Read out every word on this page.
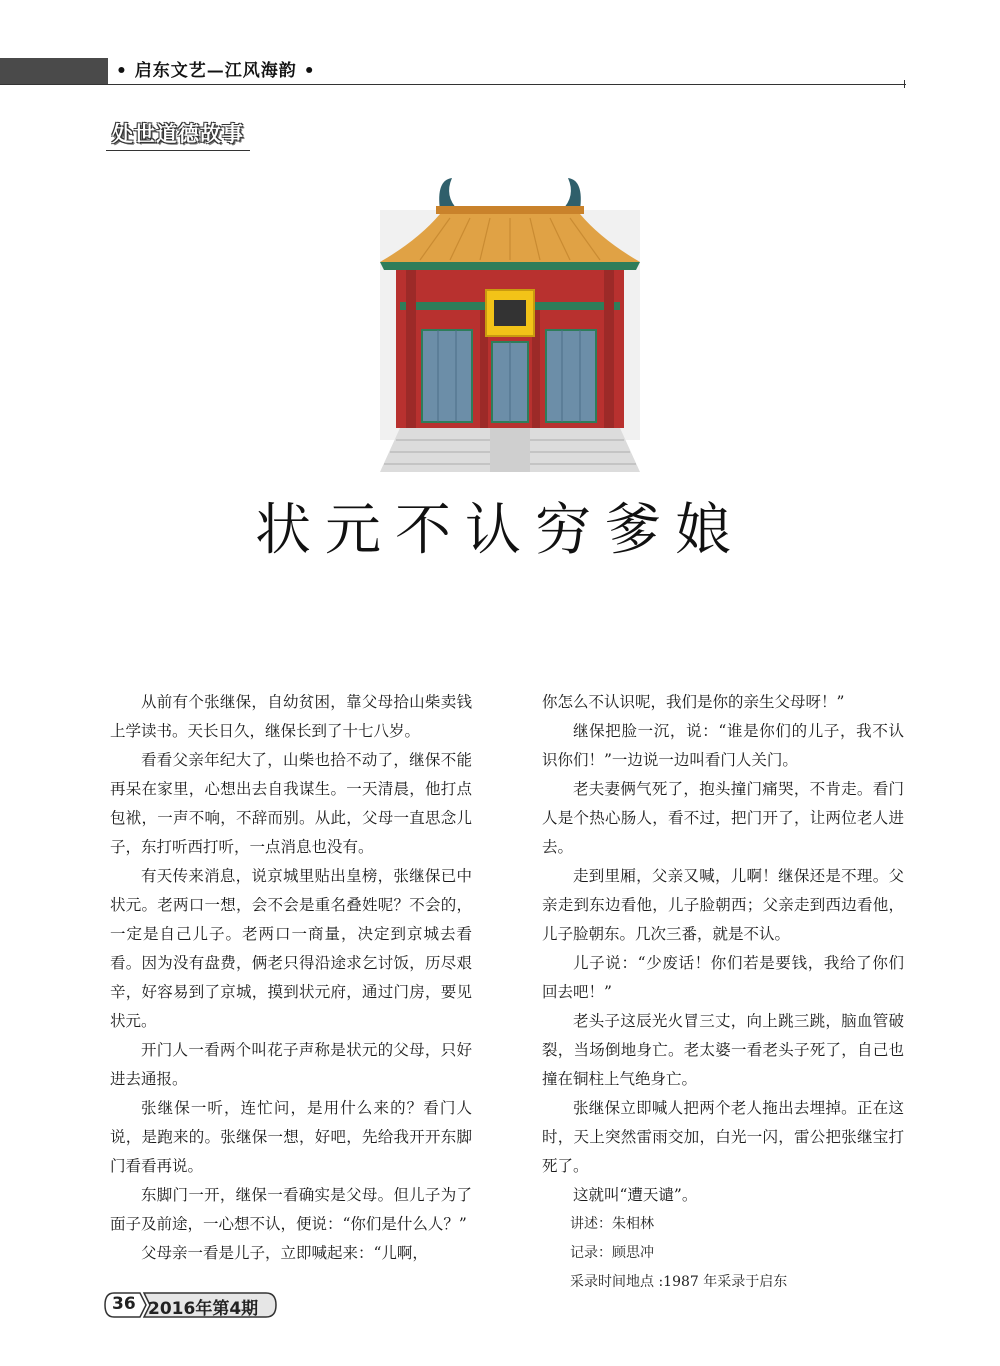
• 启东文艺—江风海韵 •
处世道德故事
状元不认穷爹娘

从前有个张继保，自幼贫困，靠父母拾山柴卖钱上学读书。天长日久，继保长到了十七八岁。

看看父亲年纪大了，山柴也拾不动了，继保不能再呆在家里，心想出去自我谋生。一天清晨，他打点包袱，一声不响，不辞而别。从此，父母一直思念儿子，东打听西打听，一点消息也没有。

有天传来消息，说京城里贴出皇榜，张继保已中状元。老两口一想，会不会是重名叠姓呢？不会的，一定是自己儿子。老两口一商量，决定到京城去看看。因为没有盘费，俩老只得沿途求乞讨饭，历尽艰辛，好容易到了京城，摸到状元府，通过门房，要见状元。

开门人一看两个叫花子声称是状元的父母，只好进去通报。

张继保一听，连忙问，是用什么来的？看门人说，是跑来的。张继保一想，好吧，先给我开开东脚门看看再说。

东脚门一开，继保一看确实是父母。但儿子为了面子及前途，一心想不认，便说：“你们是什么人？”

父母亲一看是儿子，立即喊起来：“儿啊，

你怎么不认识呢，我们是你的亲生父母呀！”

继保把脸一沉，说：“谁是你们的儿子，我不认识你们！”一边说一边叫看门人关门。

老夫妻俩气死了，抱头撞门痛哭，不肯走。看门人是个热心肠人，看不过，把门开了，让两位老人进去。

走到里厢，父亲又喊，儿啊！继保还是不理。父亲走到东边看他，儿子脸朝西；父亲走到西边看他，儿子脸朝东。几次三番，就是不认。

儿子说：“少废话！你们若是要钱，我给了你们回去吧！”

老头子这辰光火冒三丈，向上跳三跳，脑血管破裂，当场倒地身亡。老太婆一看老头子死了，自己也撞在铜柱上气绝身亡。

张继保立即喊人把两个老人拖出去埋掉。正在这时，天上突然雷雨交加，白光一闪，雷公把张继宝打死了。

这就叫“遭天谴”。

讲述：朱相林
记录：顾思冲
采录时间地点 :1987 年采录于启东
36 2016年第4期
